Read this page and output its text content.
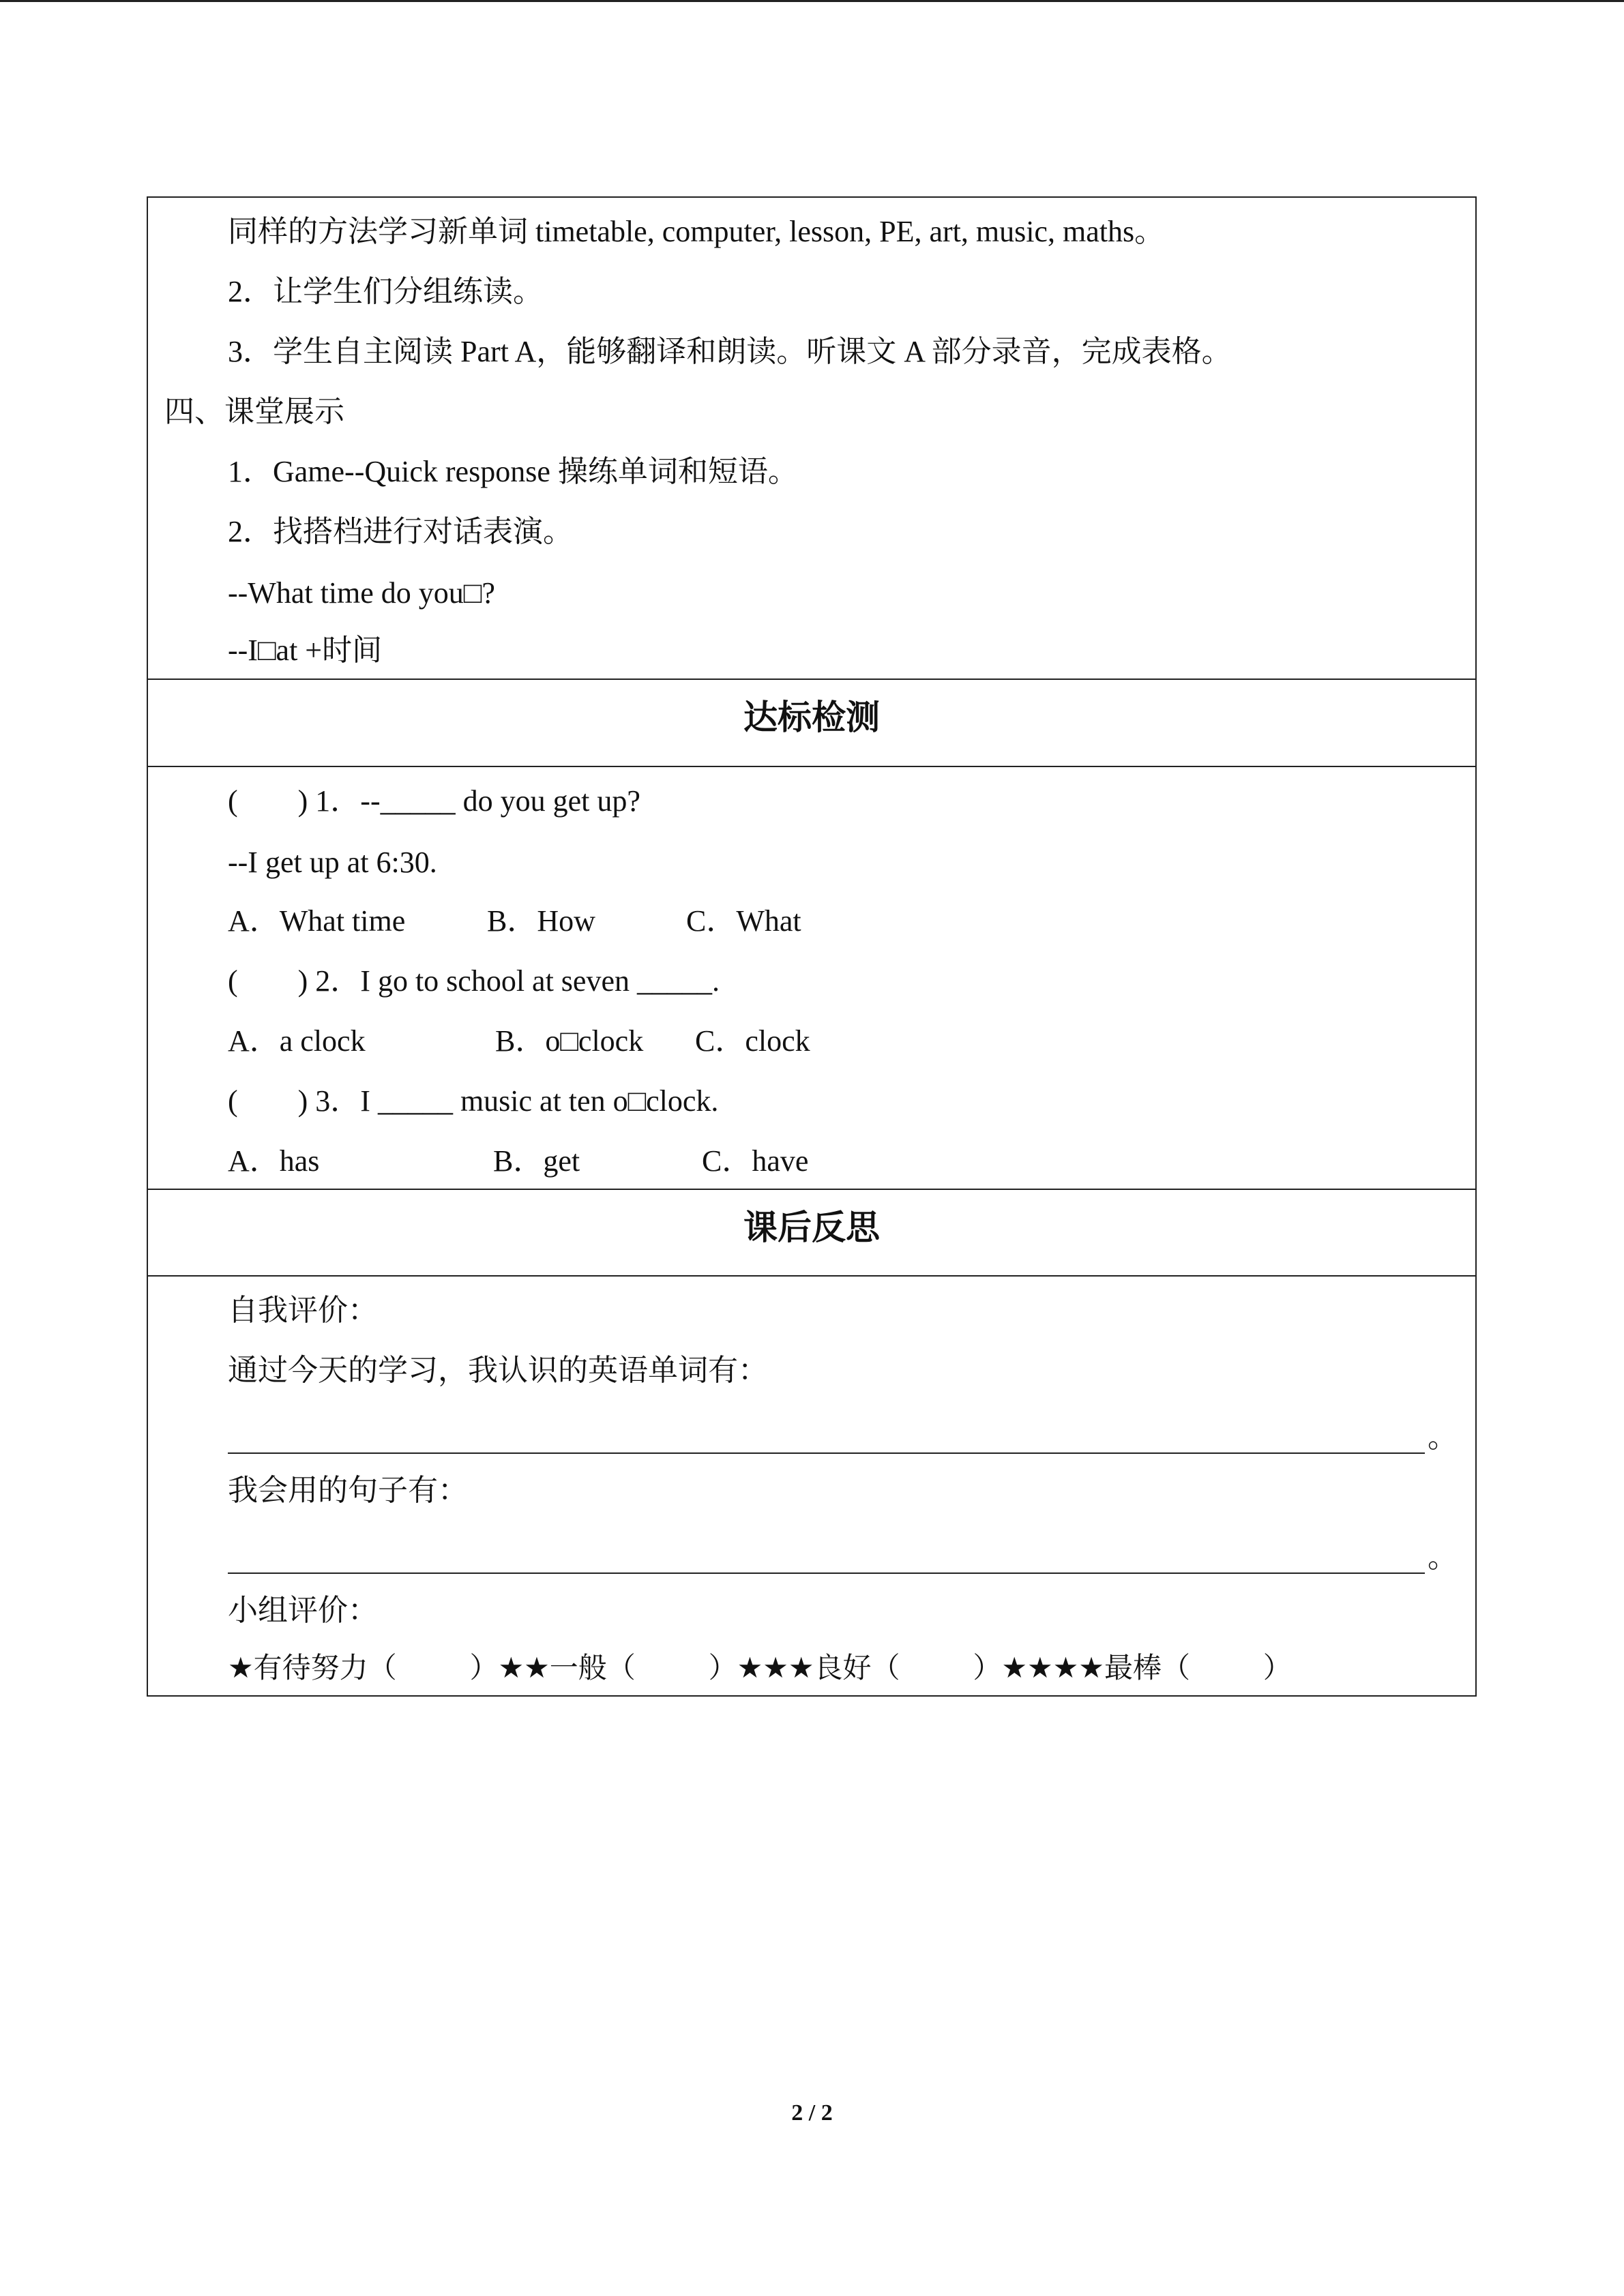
同样的方法学习新单词 timetable, computer, lesson, PE, art, music, maths。
2．让学生们分组练读。
3．学生自主阅读 Part A，能够翻译和朗读。听课文 A 部分录音，完成表格。
四、课堂展示
1．Game--Quick response 操练单词和短语。
2．找搭档进行对话表演。
--What time do you□?
--I□at +时间
达标检测
(        ) 1．--_____ do you get up?
--I get up at 6:30.
A．What time	B．How	C．What
(        ) 2．I go to school at seven _____.
A．a clock	B．o□clock C．clock
(        ) 3．I _____ music at ten o□clock.
A．has	B．get	C．have
课后反思
自我评价：
通过今天的学习，我认识的英语单词有：
。
我会用的句子有：
。
小组评价：
★有待努力（        ）★★一般（        ）★★★良好（        ）★★★★最棒（        ）
2 / 2
